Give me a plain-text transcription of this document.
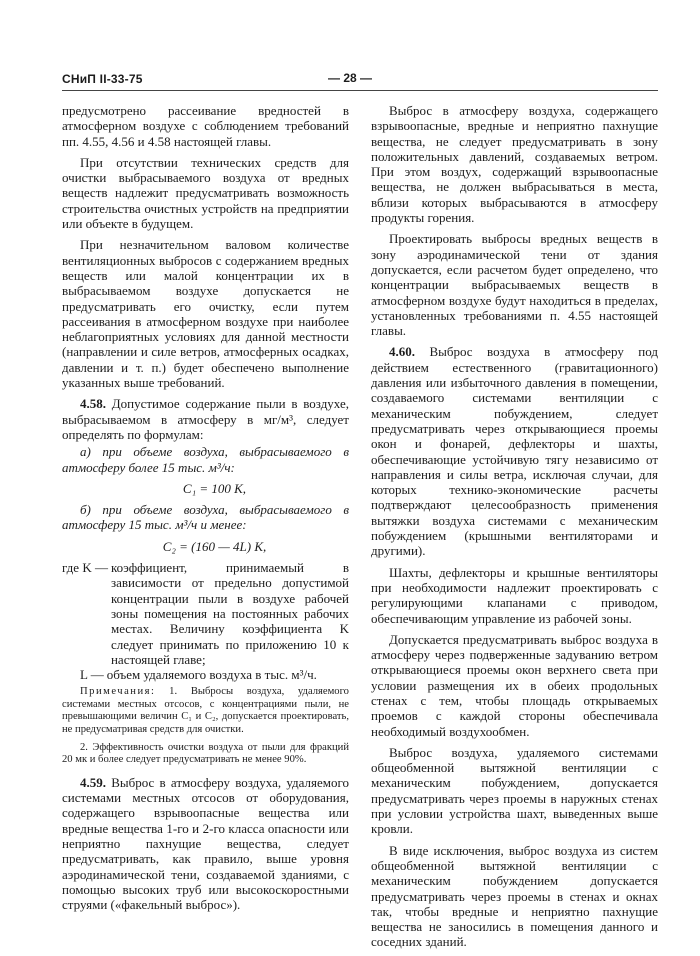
СНиП II-33-75	— 28 —

предусмотрено рассеивание вредностей в атмосферном воздухе с соблюдением требований пп. 4.55, 4.56 и 4.58 настоящей главы.

При отсутствии технических средств для очистки выбрасываемого воздуха от вредных веществ надлежит предусматривать возможность строительства очистных устройств на предприятии или объекте в будущем.

При незначительном валовом количестве вентиляционных выбросов с содержанием вредных веществ или малой концентрации их в выбрасываемом воздухе допускается не предусматривать его очистку, если путем рассеивания в атмосферном воздухе при наиболее неблагоприятных условиях для данной местности (направлении и силе ветров, атмосферных осадках, давлении и т. п.) будет обеспечено выполнение указанных выше требований.

4.58. Допустимое содержание пыли в воздухе, выбрасываемом в атмосферу в мг/м³, следует определять по формулам:

а) при объеме воздуха, выбрасываемого в атмосферу более 15 тыс. м³/ч:

C₁ = 100 K,

б) при объеме воздуха, выбрасываемого в атмосферу 15 тыс. м³/ч и менее:

C₂ = (160 — 4L) K,

где K — коэффициент, принимаемый в зависимости от предельно допустимой концентрации пыли в воздухе рабочей зоны помещения на постоянных рабочих местах. Величину коэффициента K следует принимать по приложению 10 к настоящей главе;
L — объем удаляемого воздуха в тыс. м³/ч.

Примечания: 1. Выбросы воздуха, удаляемого системами местных отсосов, с концентрациями пыли, не превышающими величин C₁ и C₂, допускается проектировать, не предусматривая средств для очистки.

2. Эффективность очистки воздуха от пыли для фракций 20 мк и более следует предусматривать не менее 90%.

4.59. Выброс в атмосферу воздуха, удаляемого системами местных отсосов от оборудования, содержащего взрывоопасные вещества или вредные вещества 1-го и 2-го класса опасности или неприятно пахнущие вещества, следует предусматривать, как правило, выше уровня аэродинамической тени, создаваемой зданиями, с помощью высоких труб или высокоскоростными струями («факельный выброс»).

Выброс в атмосферу воздуха, содержащего взрывоопасные, вредные и неприятно пахнущие вещества, не следует предусматривать в зону положительных давлений, создаваемых ветром. При этом воздух, содержащий взрывоопасные вещества, не должен выбрасываться в места, вблизи которых выбрасываются в атмосферу продукты горения.

Проектировать выбросы вредных веществ в зону аэродинамической тени от здания допускается, если расчетом будет определено, что концентрации выбрасываемых веществ в атмосферном воздухе будут находиться в пределах, установленных требованиями п. 4.55 настоящей главы.

4.60. Выброс воздуха в атмосферу под действием естественного (гравитационного) давления или избыточного давления в помещении, создаваемого системами вентиляции с механическим побуждением, следует предусматривать через открывающиеся проемы окон и фонарей, дефлекторы и шахты, обеспечивающие устойчивую тягу независимо от направления и силы ветра, исключая случаи, для которых технико-экономические расчеты подтверждают целесообразность применения вытяжки воздуха системами с механическим побуждением (крышными вентиляторами и другими).

Шахты, дефлекторы и крышные вентиляторы при необходимости надлежит проектировать с регулирующими клапанами с приводом, обеспечивающим управление из рабочей зоны.

Допускается предусматривать выброс воздуха в атмосферу через подверженные задуванию ветром открывающиеся проемы окон верхнего света при условии размещения их в обеих продольных стенах с тем, чтобы площадь открываемых проемов с каждой стороны обеспечивала необходимый воздухообмен.

Выброс воздуха, удаляемого системами общеобменной вытяжной вентиляции с механическим побуждением, допускается предусматривать через проемы в наружных стенах при условии устройства шахт, выведенных выше кровли.

В виде исключения, выброс воздуха из систем общеобменной вытяжной вентиляции с механическим побуждением допускается предусматривать через проемы в стенах и окнах так, чтобы вредные и неприятно пахнущие вещества не заносились в помещения данного и соседних зданий.
